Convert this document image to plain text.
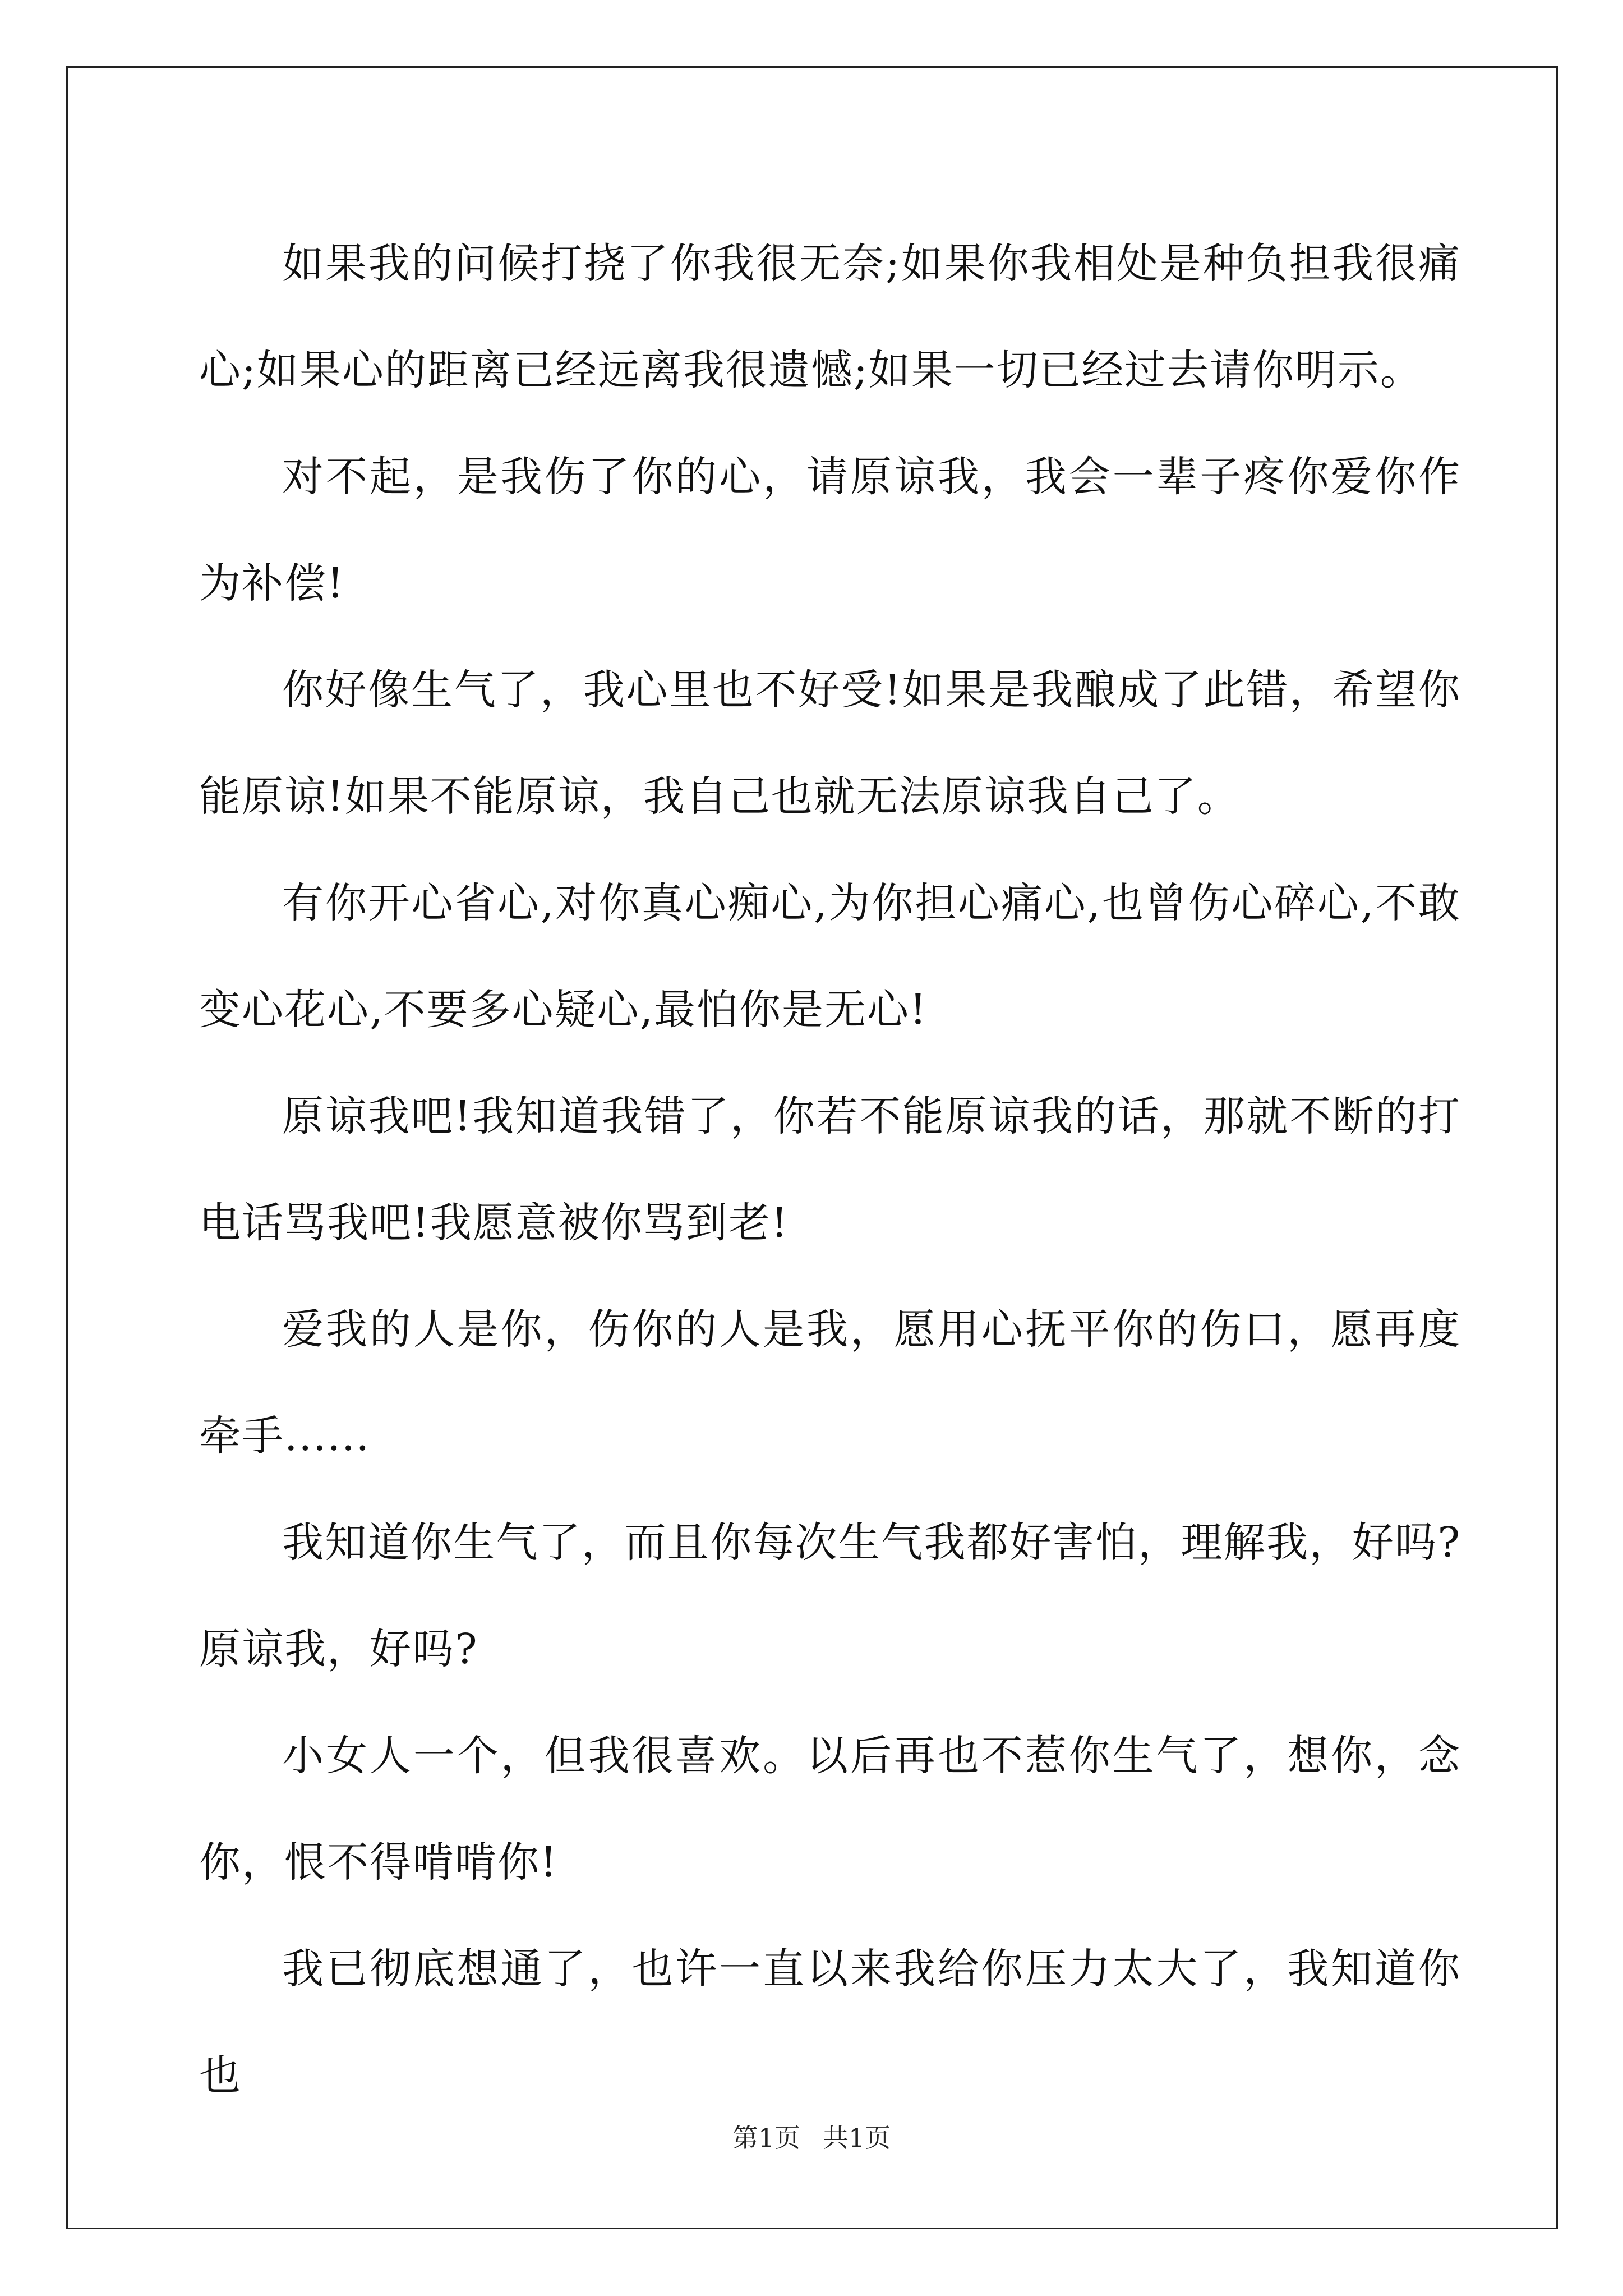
如果我的问候打挠了你我很无奈;如果你我相处是种负担我很痛心;如果心的距离已经远离我很遗憾;如果一切已经过去请你明示。

对不起，是我伤了你的心，请原谅我，我会一辈子疼你爱你作为补偿!

你好像生气了，我心里也不好受!如果是我酿成了此错，希望你能原谅!如果不能原谅，我自己也就无法原谅我自己了。

有你开心省心,对你真心痴心,为你担心痛心,也曾伤心碎心,不敢变心花心,不要多心疑心,最怕你是无心!

原谅我吧!我知道我错了，你若不能原谅我的话，那就不断的打电话骂我吧!我愿意被你骂到老!

爱我的人是你，伤你的人是我，愿用心抚平你的伤口，愿再度牵手......

我知道你生气了，而且你每次生气我都好害怕，理解我，好吗?原谅我，好吗?

小女人一个，但我很喜欢。以后再也不惹你生气了，想你，念你，恨不得啃啃你!

我已彻底想通了，也许一直以来我给你压力太大了，我知道你也

第1页 共1页
